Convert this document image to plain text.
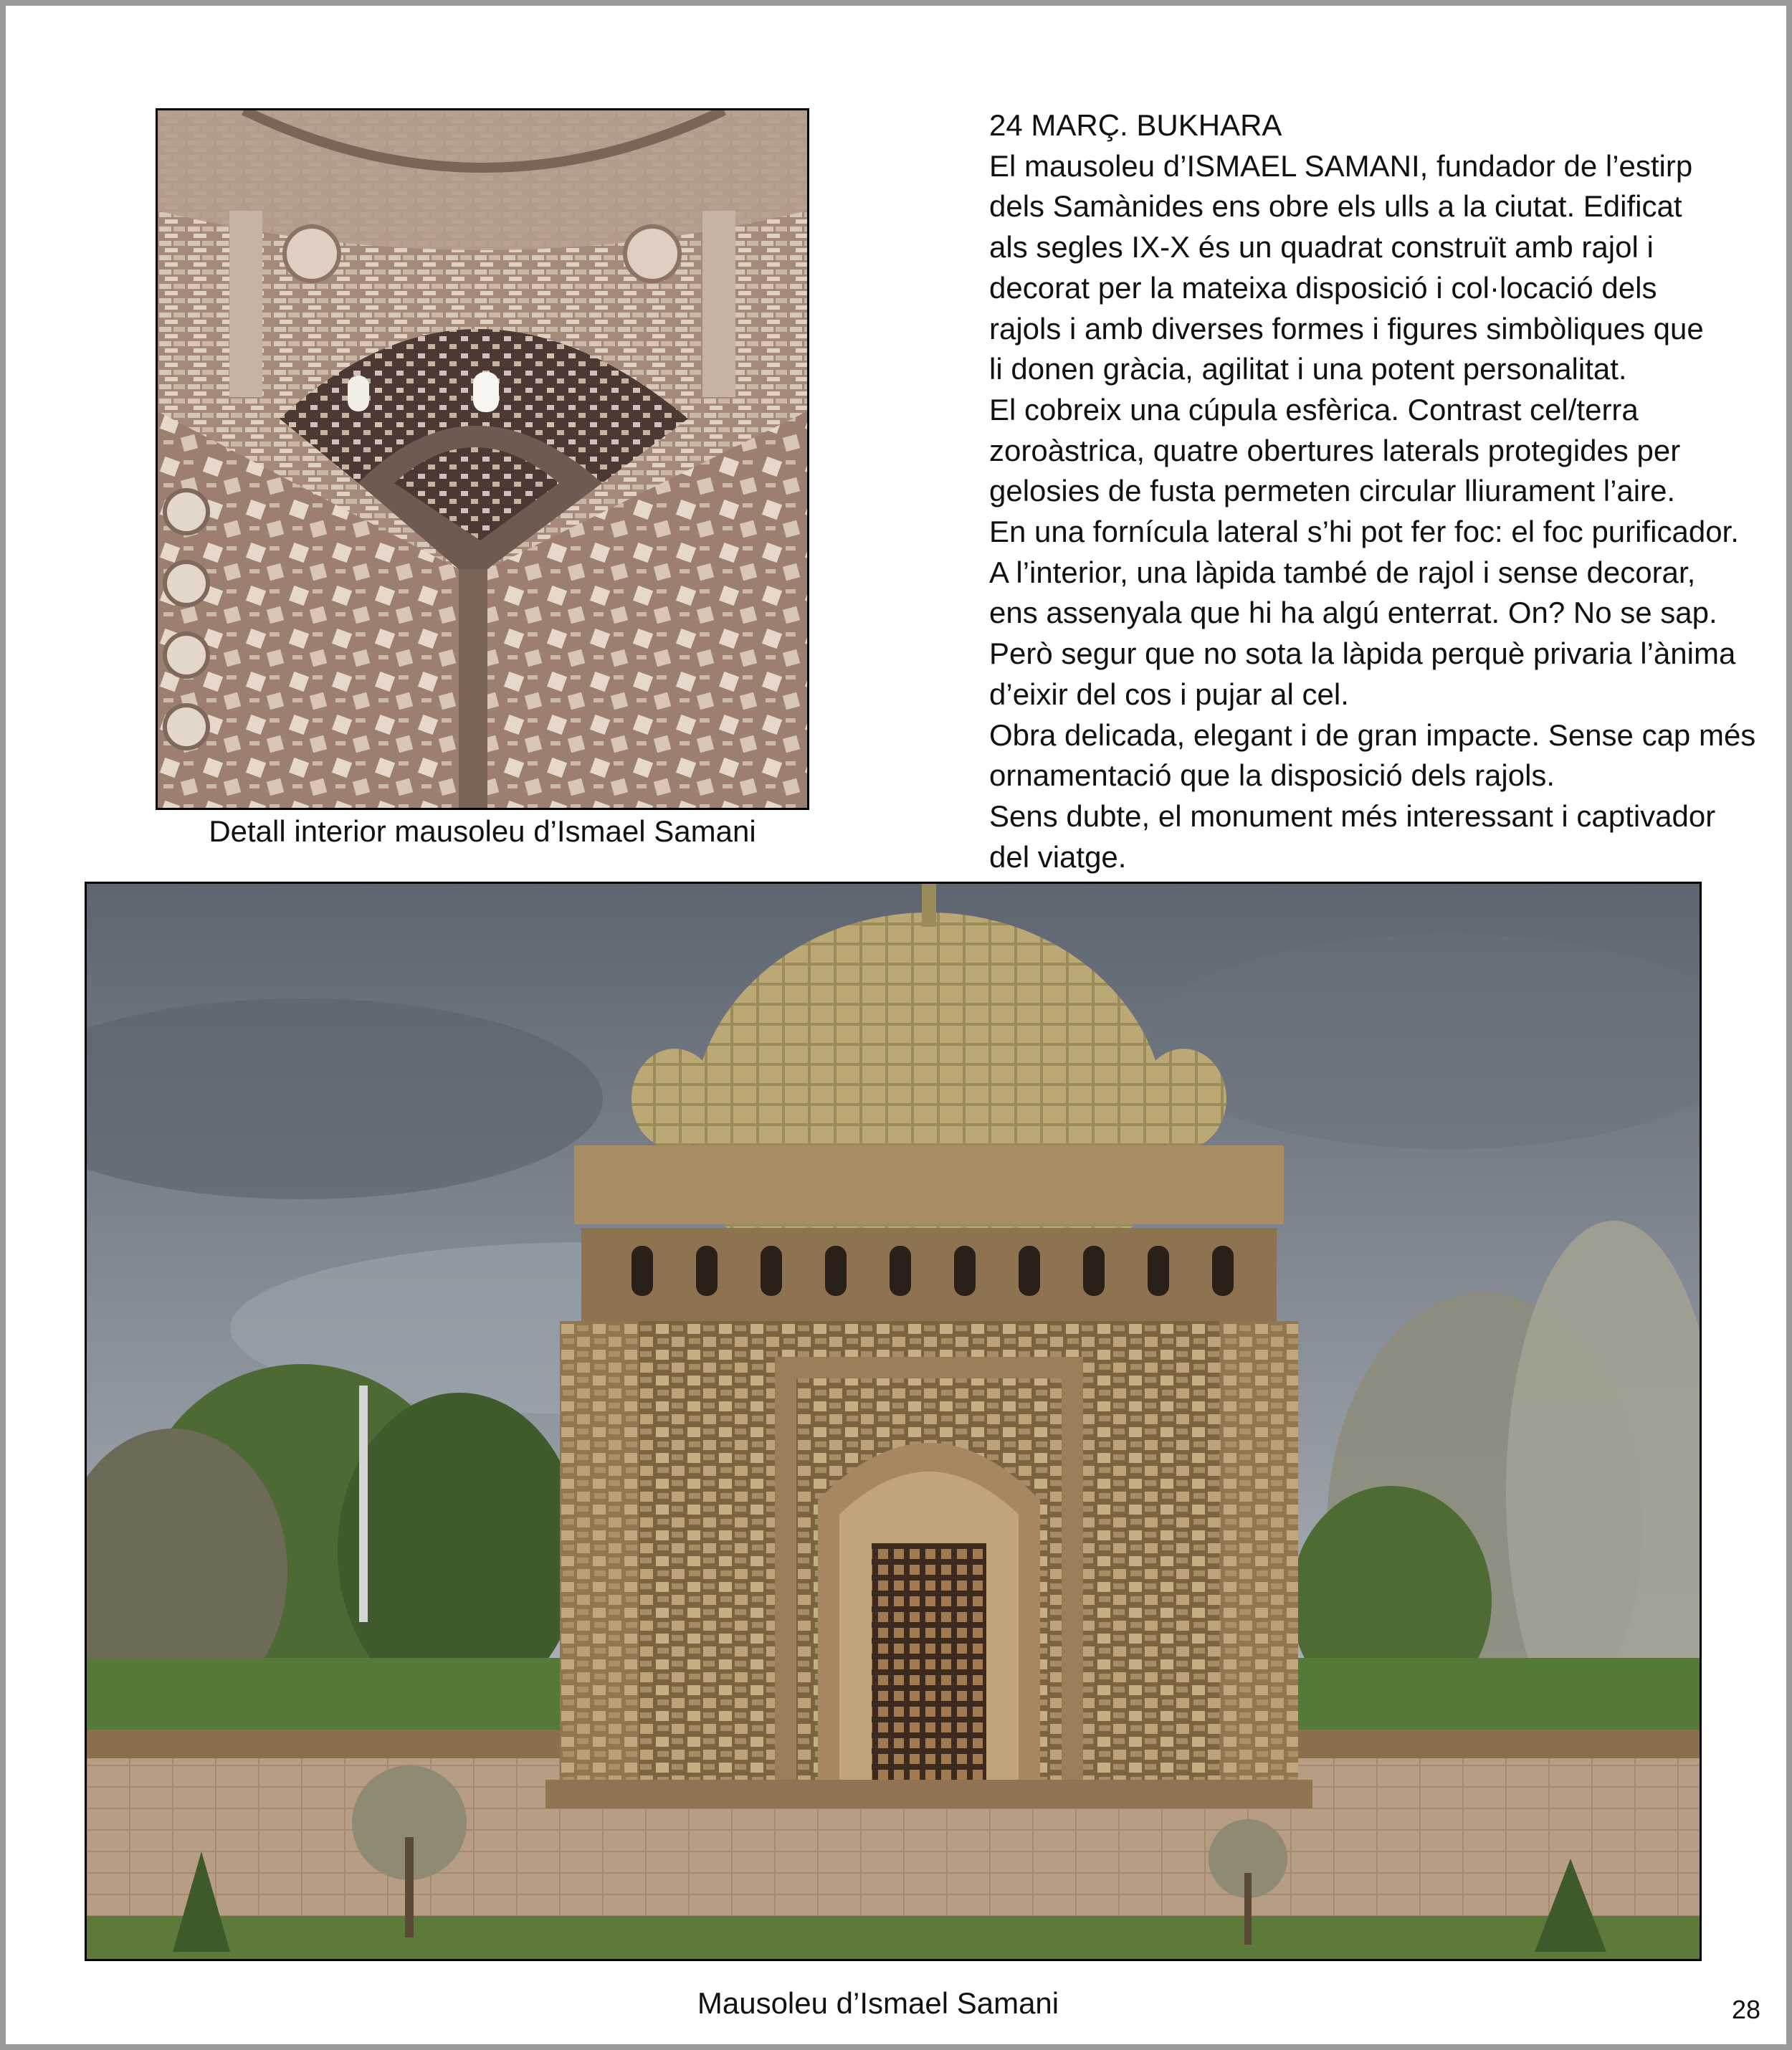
Detall interior mausoleu d’Ismael Samani
24 MARÇ. BUKHARA
El mausoleu d’ISMAEL SAMANI, fundador de l’estirp
dels Samànides ens obre els ulls a la ciutat. Edificat
als segles IX-X és un quadrat construït amb rajol i
decorat per la mateixa disposició i col·locació dels
rajols i amb diverses formes i figures simbòliques que
li donen gràcia, agilitat i una potent personalitat.
El cobreix una cúpula esfèrica. Contrast cel/terra
zoroàstrica, quatre obertures laterals protegides per
gelosies de fusta permeten circular lliurament l’aire.
En una fornícula lateral s’hi pot fer foc: el foc purificador.
A l’interior, una làpida també de rajol i sense decorar,
ens assenyala que hi ha algú enterrat. On? No se sap.
Però segur que no sota la làpida perquè privaria l’ànima
d’eixir del cos i pujar al cel.
Obra delicada, elegant i de gran impacte. Sense cap més
ornamentació que la disposició dels rajols.
Sens dubte, el monument més interessant i captivador
del viatge.
Mausoleu d’Ismael Samani	28
